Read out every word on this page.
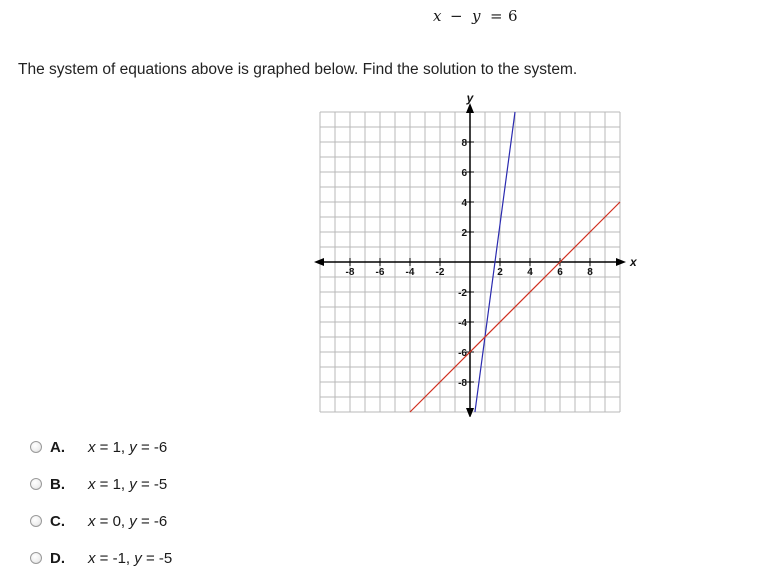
x − y = 6
The system of equations above is graphed below. Find the solution to the system.
-8 -6 -4 -2	2 4 6 8
8
6
4
2
-2
-4
-6
-8
x
y
A.	x = 1, y = -6
B.	x = 1, y = -5
C.	x = 0, y = -6
D.	x = -1, y = -5
